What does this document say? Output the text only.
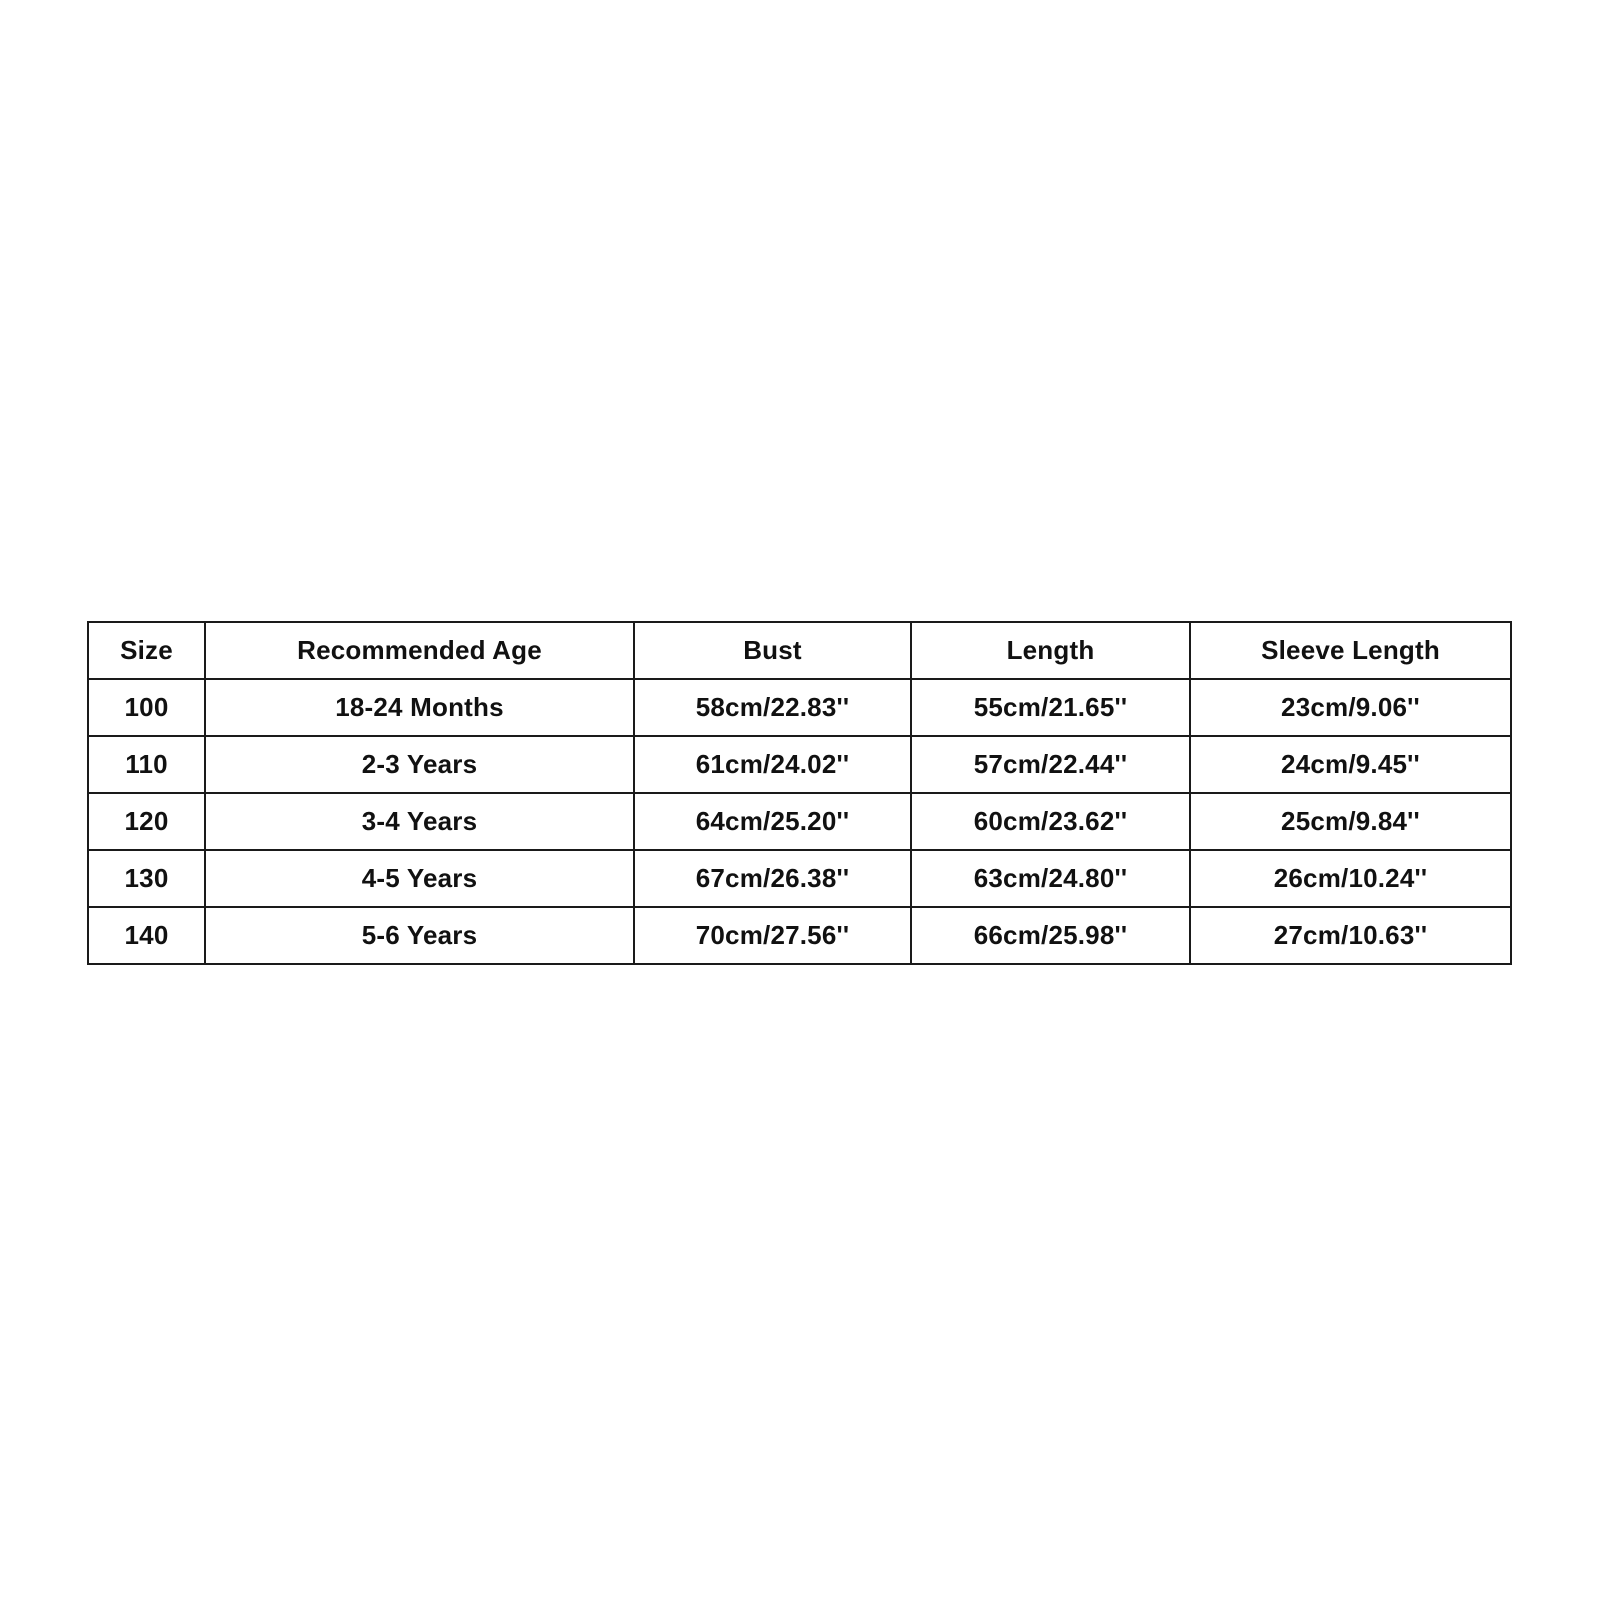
Size	Recommended Age	Bust	Length	Sleeve Length
100	18-24 Months	58cm/22.83''	55cm/21.65''	23cm/9.06''
110	2-3 Years	61cm/24.02''	57cm/22.44''	24cm/9.45''
120	3-4 Years	64cm/25.20''	60cm/23.62''	25cm/9.84''
130	4-5 Years	67cm/26.38''	63cm/24.80''	26cm/10.24''
140	5-6 Years	70cm/27.56''	66cm/25.98''	27cm/10.63''
